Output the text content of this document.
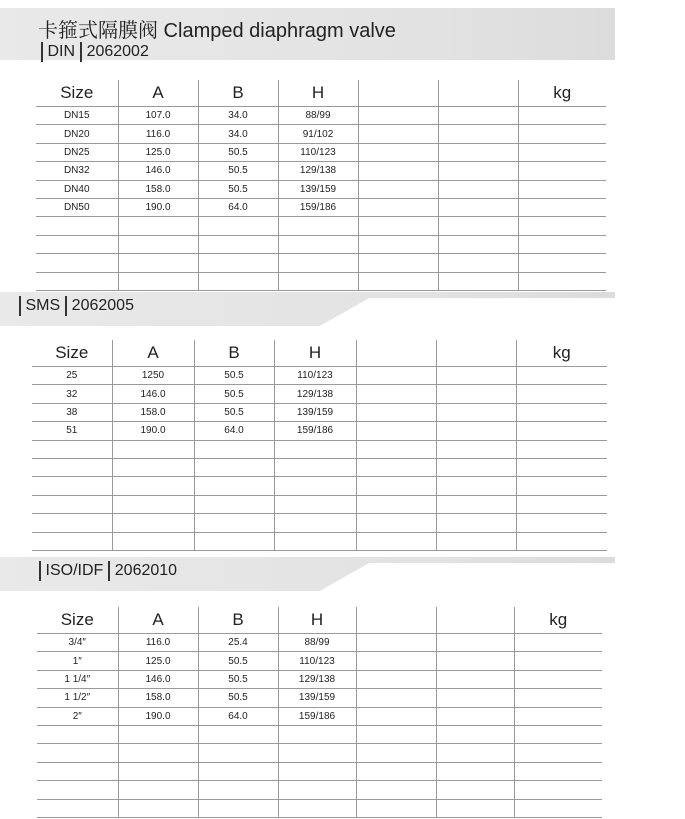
卡箍式隔膜阀 Clamped diaphragm valve
DIN 2062002
Size	A	B	H			kg
DN15	107.0	34.0	88/99			
DN20	116.0	34.0	91/102			
DN25	125.0	50.5	110/123			
DN32	146.0	50.5	129/138			
DN40	158.0	50.5	139/159			
DN50	190.0	64.0	159/186			

SMS 2062005
Size	A	B	H			kg
25	1250	50.5	110/123			
32	146.0	50.5	129/138			
38	158.0	50.5	139/159			
51	190.0	64.0	159/186			

ISO/IDF 2062010
Size	A	B	H			kg
3/4″	116.0	25.4	88/99			
1″	125.0	50.5	110/123			
1 1/4″	146.0	50.5	129/138			
1 1/2″	158.0	50.5	139/159			
2″	190.0	64.0	159/186			
